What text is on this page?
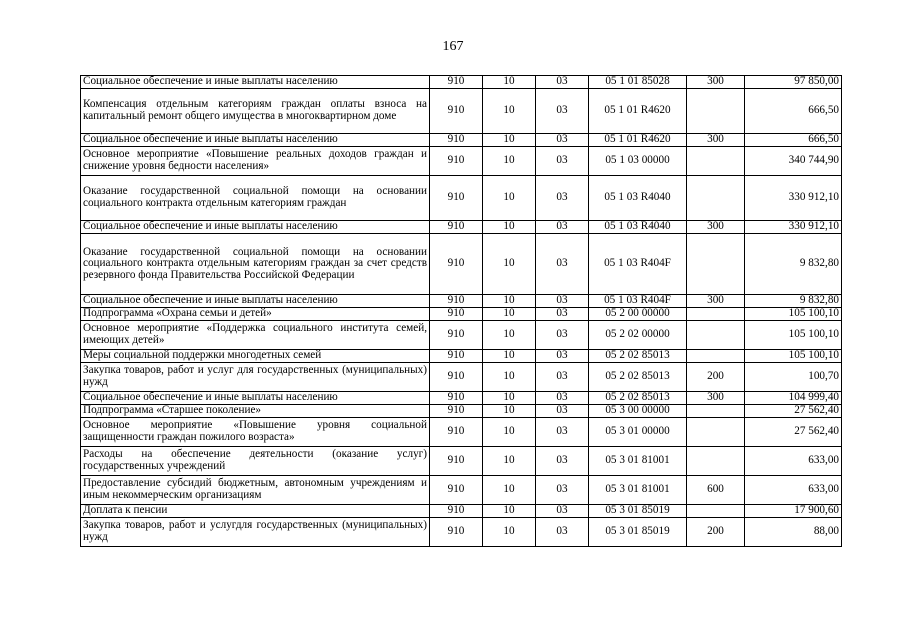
167
Социальное обеспечение и иные выплаты населению	910	10	03	05 1 01 85028	300	97 850,00
Компенсация отдельным категориям граждан оплаты взноса на капитальный ремонт общего имущества в многоквартирном доме	910	10	03	05 1 01 R4620		666,50
Социальное обеспечение и иные выплаты населению	910	10	03	05 1 01 R4620	300	666,50
Основное мероприятие «Повышение реальных доходов граждан и снижение уровня бедности населения»	910	10	03	05 1 03 00000		340 744,90
Оказание государственной социальной помощи на основании социального контракта отдельным категориям граждан	910	10	03	05 1 03 R4040		330 912,10
Социальное обеспечение и иные выплаты населению	910	10	03	05 1 03 R4040	300	330 912,10
Оказание государственной социальной помощи на основании социального контракта отдельным категориям граждан за счет средств резервного фонда Правительства Российской Федерации	910	10	03	05 1 03 R404F		9 832,80
Социальное обеспечение и иные выплаты населению	910	10	03	05 1 03 R404F	300	9 832,80
Подпрограмма «Охрана семьи и детей»	910	10	03	05 2 00 00000		105 100,10
Основное мероприятие «Поддержка социального института семей, имеющих детей»	910	10	03	05 2 02 00000		105 100,10
Меры социальной поддержки многодетных семей	910	10	03	05 2 02 85013		105 100,10
Закупка товаров, работ и услуг для государственных (муниципальных) нужд	910	10	03	05 2 02 85013	200	100,70
Социальное обеспечение и иные выплаты населению	910	10	03	05 2 02 85013	300	104 999,40
Подпрограмма «Старшее поколение»	910	10	03	05 3 00 00000		27 562,40
Основное мероприятие «Повышение уровня социальной защищенности граждан пожилого возраста»	910	10	03	05 3 01 00000		27 562,40
Расходы на обеспечение деятельности (оказание услуг) государственных учреждений	910	10	03	05 3 01 81001		633,00
Предоставление субсидий бюджетным, автономным учреждениям и иным некоммерческим организациям	910	10	03	05 3 01 81001	600	633,00
Доплата к пенсии	910	10	03	05 3 01 85019		17 900,60
Закупка товаров, работ и услугдля государственных (муниципальных) нужд	910	10	03	05 3 01 85019	200	88,00
